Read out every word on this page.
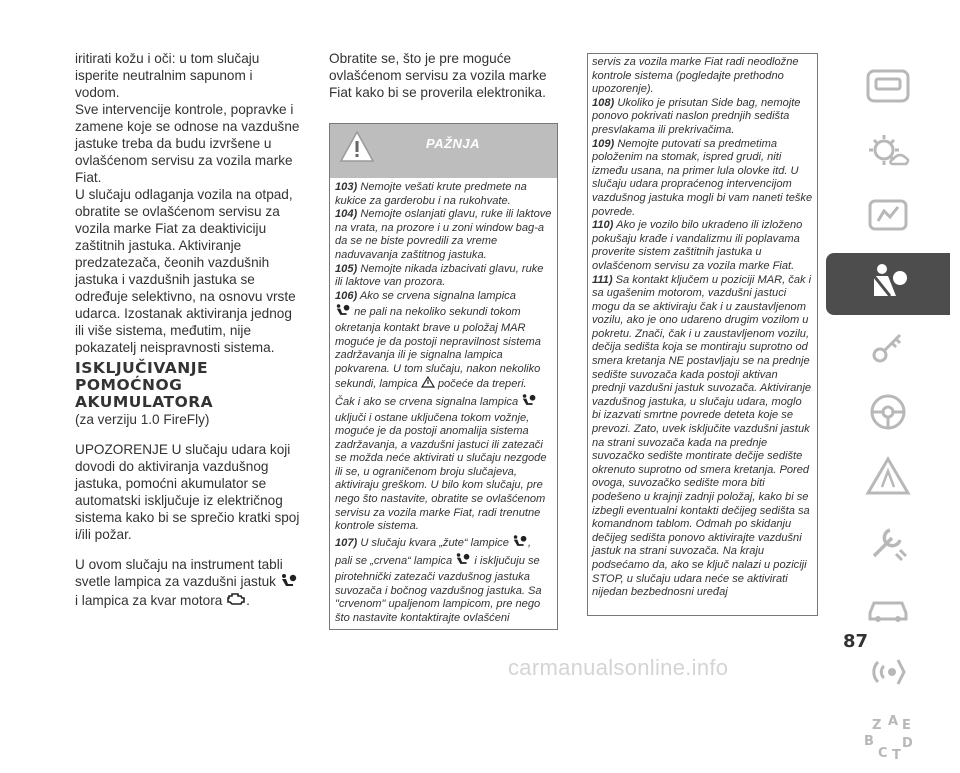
iritirati kožu i oči: u tom slučaju isperite neutralnim sapunom i vodom.

Sve intervencije kontrole, popravke i zamene koje se odnose na vazdušne jastuke treba da budu izvršene u ovlašćenom servisu za vozila marke Fiat.

U slučaju odlaganja vozila na otpad, obratite se ovlašćenom servisu za vozila marke Fiat za deaktiviciju zaštitnih jastuka. Aktiviranje predzatezača, čeonih vazdušnih jastuka i vazdušnih jastuka se određuje selektivno, na osnovu vrste udarca. Izostanak aktiviranja jednog ili više sistema, međutim, nije pokazatelj neispravnosti sistema.

ISKLJUČIVANJE POMOĆNOG AKUMULATORA

(za verziju 1.0 FireFly)

UPOZORENJE U slučaju udara koji dovodi do aktiviranja vazdušnog jastuka, pomoćni akumulator se automatski isključuje iz električnog sistema kako bi se sprečio kratki spoj i/ili požar.

U ovom slučaju na instrument tabli svetle lampica za vazdušni jastuk  i lampica za kvar motora .

Obratite se, što je pre moguće ovlašćenom servisu za vozila marke Fiat kako bi se proverila elektronika.

PAŽNJA

103) Nemojte vešati krute predmete na kukice za garderobu i na rukohvate.

104) Nemojte oslanjati glavu, ruke ili laktove na vrata, na prozore i u zoni window bag-a da se ne biste povredili za vreme naduvavanja zaštitnog jastuka.

105) Nemojte nikada izbacivati glavu, ruke ili laktove van prozora.

106) Ako se crvena signalna lampica
ne pali na nekoliko sekundi tokom okretanja kontakt brave u položaj MAR moguće je da postoji nepravilnost sistema zadržavanja ili je signalna lampica pokvarena. U tom slučaju, nakon nekoliko sekundi, lampica počeće da treperi.

Čak i ako se crvena signalna lampica  uključi i ostane uključena tokom vožnje, moguće je da postoji anomalija sistema zadržavanja, a vazdušni jastuci ili zatezači se možda neće aktivirati u slučaju nezgode ili se, u ograničenom broju slučajeva, aktiviraju greškom. U bilo kom slučaju, pre nego što nastavite, obratite se ovlašćenom servisu za vozila marke Fiat, radi trenutne kontrole sistema.

107) U slučaju kvara „žute“ lampice ,
pali se „crvena“ lampica i isključuju se pirotehnički zatezači vazdušnog jastuka suvozača i bočnog vazdušnog jastuka. Sa "crvenom" upaljenom lampicom, pre nego što nastavite kontaktirajte ovlašćeni

servis za vozila marke Fiat radi neodložne kontrole sistema (pogledajte prethodno upozorenje).

108) Ukoliko je prisutan Side bag, nemojte ponovo pokrivati naslon prednjih sedišta presvlakama ili prekrivačima.

109) Nemojte putovati sa predmetima položenim na stomak, ispred grudi, niti između usana, na primer lula olovke itd. U slučaju udara propraćenog intervencijom vazdušnog jastuka mogli bi vam naneti teške povrede.

110) Ako je vozilo bilo ukradeno ili izloženo pokušaju krađe i vandalizmu ili poplavama proverite sistem zaštitnih jastuka u ovlašćenom servisu za vozila marke Fiat.

111) Sa kontakt ključem u poziciji MAR, čak i sa ugašenim motorom, vazdušni jastuci mogu da se aktiviraju čak i u zaustavljenom vozilu, ako je ono udareno drugim vozilom u pokretu. Znači, čak i u zaustavljenom vozilu, dečija sedišta koja se montiraju suprotno od smera kretanja NE postavljaju se na prednje sedište suvozača kada postoji aktivan prednji vazdušni jastuk suvozača. Aktiviranje vazdušnog jastuka, u slučaju udara, moglo bi izazvati smrtne povrede deteta koje se prevozi. Zato, uvek isključite vazdušni jastuk na strani suvozača kada na prednje suvozačko sedište montirate dečije sedište okrenuto suprotno od smera kretanja. Pored ovoga, suvozačko sedište mora biti podešeno u krajnji zadnji položaj, kako bi se izbegli eventualni kontakti dečijeg sedišta sa komandnom tablom. Odmah po skidanju dečijeg sedišta ponovo aktivirajte vazdušni jastuk na strani suvozača. Na kraju podsećamo da, ako se ključ nalazi u poziciji STOP, u slučaju udara neće se aktivirati nijedan bezbednosni uređaj

Z A E
B
C
D
T
87
carmanualsonline.info
